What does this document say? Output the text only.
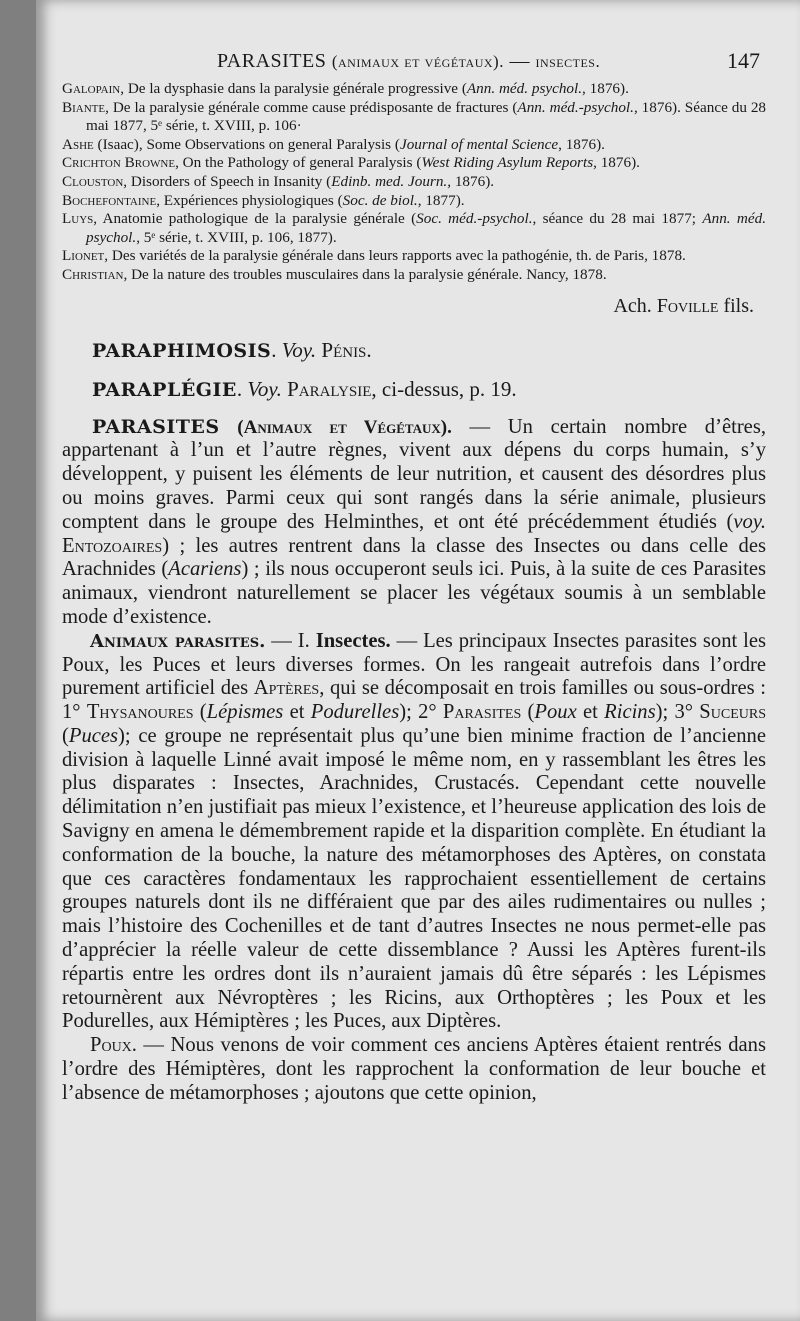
PARASITES (animaux et végétaux). — insectes.	147

Galopain, De la dysphasie dans la paralysie générale progressive (Ann. méd. psychol., 1876).

Biante, De la paralysie générale comme cause prédisposante de fractures (Ann. méd.-psychol., 1876). Séance du 28 mai 1877, 5ᵉ série, t. XVIII, p. 106·

Ashe (Isaac), Some Observations on general Paralysis (Journal of mental Science, 1876).

Crichton Browne, On the Pathology of general Paralysis (West Riding Asylum Reports, 1876).

Clouston, Disorders of Speech in Insanity (Edinb. med. Journ., 1876).

Bochefontaine, Expériences physiologiques (Soc. de biol., 1877).

Luys, Anatomie pathologique de la paralysie générale (Soc. méd.-psychol., séance du 28 mai 1877; Ann. méd. psychol., 5ᵉ série, t. XVIII, p. 106, 1877).

Lionet, Des variétés de la paralysie générale dans leurs rapports avec la pathogénie, th. de Paris, 1878.

Christian, De la nature des troubles musculaires dans la paralysie générale. Nancy, 1878.

Ach. Foville fils.
PARAPHIMOSIS. Voy. Pénis.
PARAPLÉGIE. Voy. Paralysie, ci-dessus, p. 19.

PARASITES (Animaux et Végétaux). — Un certain nombre d’êtres, appartenant à l’un et l’autre règnes, vivent aux dépens du corps humain, s’y développent, y puisent les éléments de leur nutrition, et causent des désordres plus ou moins graves. Parmi ceux qui sont rangés dans la série animale, plusieurs comptent dans le groupe des Helminthes, et ont été précédemment étudiés (voy. Entozoaires) ; les autres rentrent dans la classe des Insectes ou dans celle des Arachnides (Acariens) ; ils nous occuperont seuls ici. Puis, à la suite de ces Parasites animaux, viendront naturellement se placer les végétaux soumis à un semblable mode d’existence.

Animaux parasites. — I. Insectes. — Les principaux Insectes parasites sont les Poux, les Puces et leurs diverses formes. On les rangeait autrefois dans l’ordre purement artificiel des Aptères, qui se décomposait en trois familles ou sous-ordres : 1° Thysanoures (Lépismes et Podurelles); 2° Parasites (Poux et Ricins); 3° Suceurs (Puces); ce groupe ne représentait plus qu’une bien minime fraction de l’ancienne division à laquelle Linné avait imposé le même nom, en y rassemblant les êtres les plus disparates : Insectes, Arachnides, Crustacés. Cependant cette nouvelle délimitation n’en justifiait pas mieux l’existence, et l’heureuse application des lois de Savigny en amena le démembrement rapide et la disparition complète. En étudiant la conformation de la bouche, la nature des métamorphoses des Aptères, on constata que ces caractères fondamentaux les rapprochaient essentiellement de certains groupes naturels dont ils ne différaient que par des ailes rudimentaires ou nulles ; mais l’histoire des Cochenilles et de tant d’autres Insectes ne nous permet-elle pas d’apprécier la réelle valeur de cette dissemblance ? Aussi les Aptères furent-ils répartis entre les ordres dont ils n’auraient jamais dû être séparés : les Lépismes retournèrent aux Névroptères ; les Ricins, aux Orthoptères ; les Poux et les Podurelles, aux Hémiptères ; les Puces, aux Diptères.

Poux. — Nous venons de voir comment ces anciens Aptères étaient rentrés dans l’ordre des Hémiptères, dont les rapprochent la conformation de leur bouche et l’absence de métamorphoses ; ajoutons que cette opinion,
